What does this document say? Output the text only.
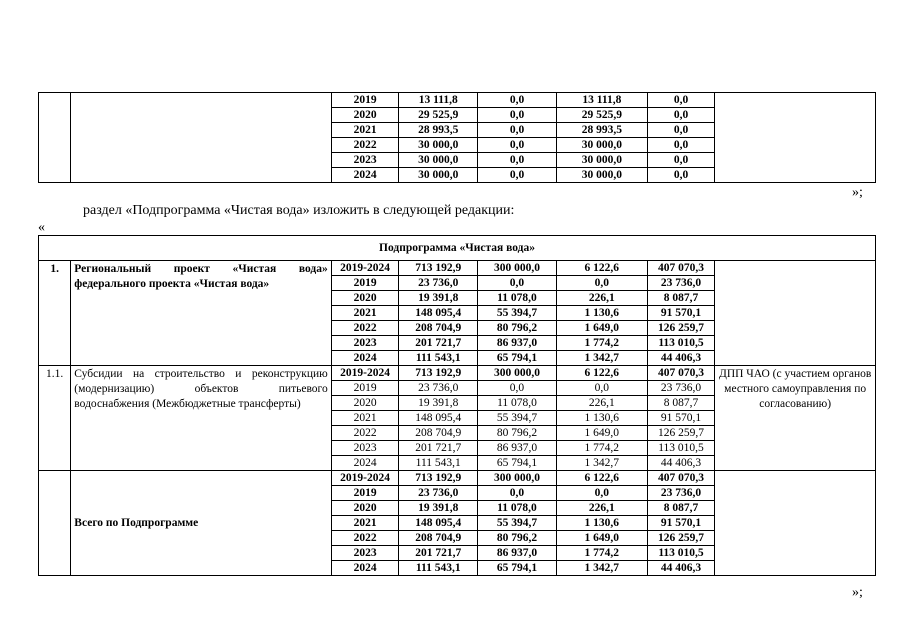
		2019	13 111,8	0,0	13 111,8	0,0	
		2020	29 525,9	0,0	29 525,9	0,0	
		2021	28 993,5	0,0	28 993,5	0,0	
		2022	30 000,0	0,0	30 000,0	0,0	
		2023	30 000,0	0,0	30 000,0	0,0	
		2024	30 000,0	0,0	30 000,0	0,0	
»;
раздел «Подпрограмма «Чистая вода» изложить в следующей редакции:
«
Подпрограмма «Чистая вода»							
1.	Региональный проект «Чистая вода» федерального проекта «Чистая вода»	2019-2024	713 192,9	300 000,0	6 122,6	407 070,3	
		2019	23 736,0	0,0	0,0	23 736,0	
		2020	19 391,8	11 078,0	226,1	8 087,7	
		2021	148 095,4	55 394,7	1 130,6	91 570,1	
		2022	208 704,9	80 796,2	1 649,0	126 259,7	
		2023	201 721,7	86 937,0	1 774,2	113 010,5	
		2024	111 543,1	65 794,1	1 342,7	44 406,3	
1.1.	Субсидии на строительство и реконструкцию (модернизацию) объектов питьевого водоснабжения (Межбюджетные трансферты)	2019-2024	713 192,9	300 000,0	6 122,6	407 070,3	ДПП ЧАО (с участием органов местного самоуправления по согласованию)
		2019	23 736,0	0,0	0,0	23 736,0	
		2020	19 391,8	11 078,0	226,1	8 087,7	
		2021	148 095,4	55 394,7	1 130,6	91 570,1	
		2022	208 704,9	80 796,2	1 649,0	126 259,7	
		2023	201 721,7	86 937,0	1 774,2	113 010,5	
		2024	111 543,1	65 794,1	1 342,7	44 406,3	
	Всего по Подпрограмме	2019-2024	713 192,9	300 000,0	6 122,6	407 070,3	
		2019	23 736,0	0,0	0,0	23 736,0	
		2020	19 391,8	11 078,0	226,1	8 087,7	
		2021	148 095,4	55 394,7	1 130,6	91 570,1	
		2022	208 704,9	80 796,2	1 649,0	126 259,7	
		2023	201 721,7	86 937,0	1 774,2	113 010,5	
		2024	111 543,1	65 794,1	1 342,7	44 406,3	
»;
